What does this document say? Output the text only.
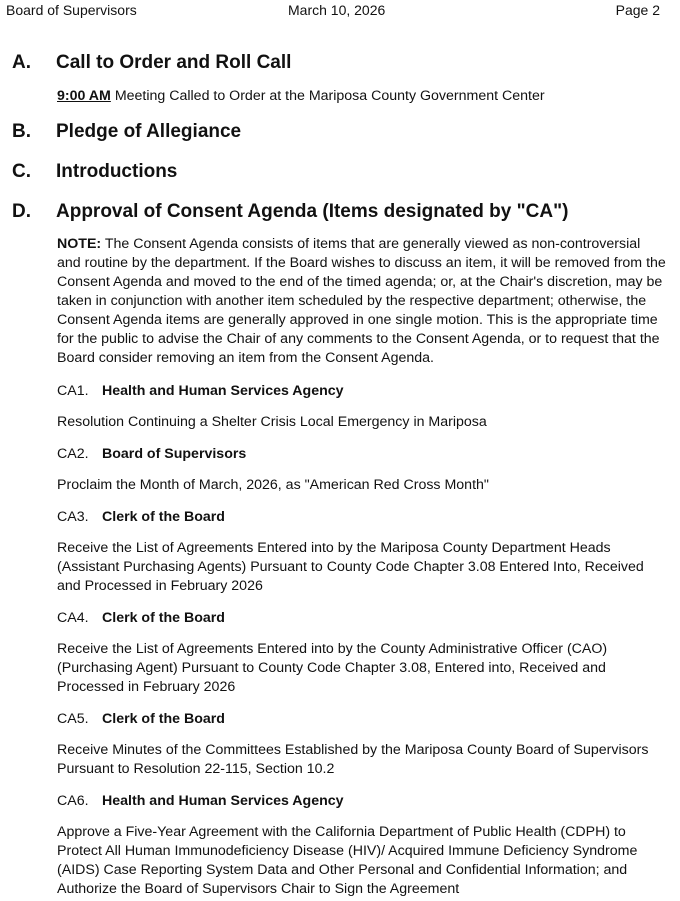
Board of Supervisors	March 10, 2026	Page 2
A. Call to Order and Roll Call
9:00 AM Meeting Called to Order at the Mariposa County Government Center
B. Pledge of Allegiance
C. Introductions
D. Approval of Consent Agenda (Items designated by "CA")
NOTE: The Consent Agenda consists of items that are generally viewed as non-controversial and routine by the department. If the Board wishes to discuss an item, it will be removed from the Consent Agenda and moved to the end of the timed agenda; or, at the Chair's discretion, may be taken in conjunction with another item scheduled by the respective department; otherwise, the Consent Agenda items are generally approved in one single motion. This is the appropriate time for the public to advise the Chair of any comments to the Consent Agenda, or to request that the Board consider removing an item from the Consent Agenda.
CA1. Health and Human Services Agency
Resolution Continuing a Shelter Crisis Local Emergency in Mariposa
CA2. Board of Supervisors
Proclaim the Month of March, 2026, as "American Red Cross Month"
CA3. Clerk of the Board
Receive the List of Agreements Entered into by the Mariposa County Department Heads (Assistant Purchasing Agents) Pursuant to County Code Chapter 3.08 Entered Into, Received and Processed in February 2026
CA4. Clerk of the Board
Receive the List of Agreements Entered into by the County Administrative Officer (CAO) (Purchasing Agent) Pursuant to County Code Chapter 3.08, Entered into, Received and Processed in February 2026
CA5. Clerk of the Board
Receive Minutes of the Committees Established by the Mariposa County Board of Supervisors Pursuant to Resolution 22-115, Section 10.2
CA6. Health and Human Services Agency
Approve a Five-Year Agreement with the California Department of Public Health (CDPH) to Protect All Human Immunodeficiency Disease (HIV)/ Acquired Immune Deficiency Syndrome (AIDS) Case Reporting System Data and Other Personal and Confidential Information; and Authorize the Board of Supervisors Chair to Sign the Agreement
